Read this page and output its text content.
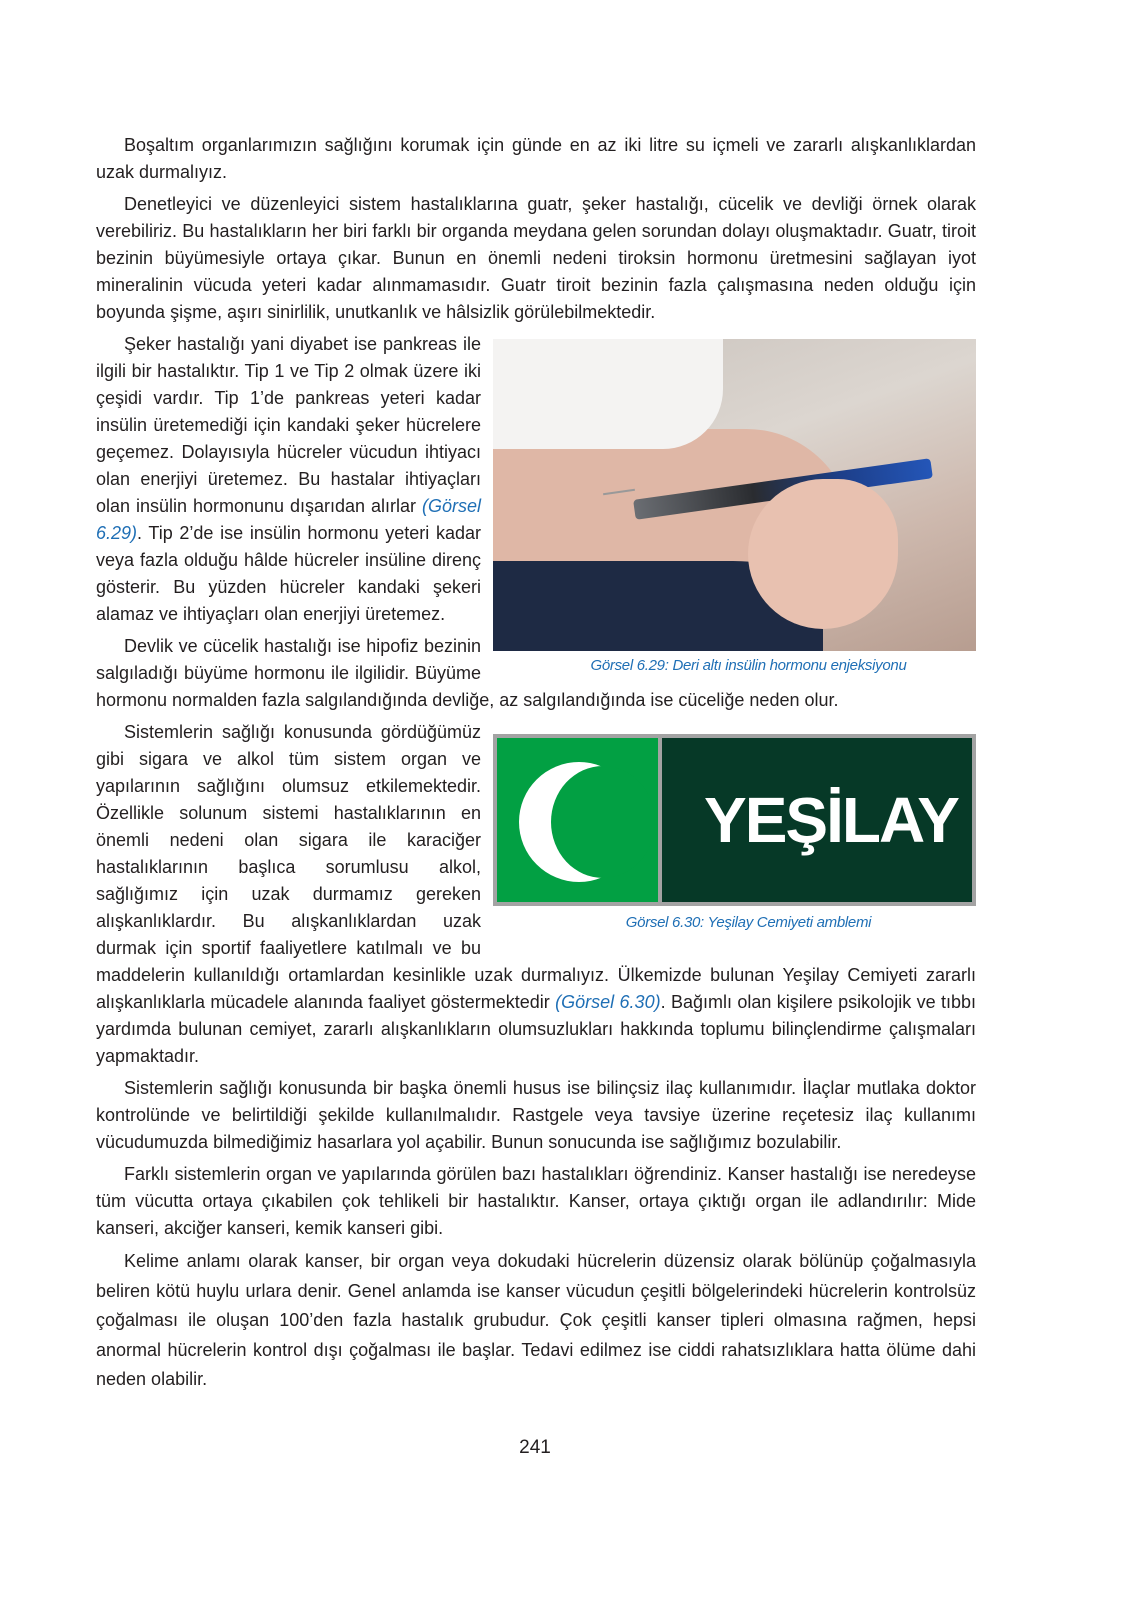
Boşaltım organlarımızın sağlığını korumak için günde en az iki litre su içmeli ve zararlı alışkanlıklardan uzak durmalıyız.

Denetleyici ve düzenleyici sistem hastalıklarına guatr, şeker hastalığı, cücelik ve devliği örnek olarak verebiliriz. Bu hastalıkların her biri farklı bir organda meydana gelen sorundan dolayı oluşmaktadır. Guatr, tiroit bezinin büyümesiyle ortaya çıkar. Bunun en önemli nedeni tiroksin hormonu üretmesini sağlayan iyot mineralinin vücuda yeteri kadar alınmamasıdır. Guatr tiroit bezinin fazla çalışmasına neden olduğu için boyunda şişme, aşırı sinirlilik, unutkanlık ve hâlsizlik görülebilmektedir.

Görsel 6.29: Deri altı insülin hormonu enjeksiyonu
Şeker hastalığı yani diyabet ise pankreas ile ilgili bir hastalıktır. Tip 1 ve Tip 2 olmak üzere iki çeşidi vardır. Tip 1’de pankreas yeteri kadar insülin üretemediği için kandaki şeker hücrelere geçemez. Dolayısıyla hücreler vücudun ihtiyacı olan enerjiyi üretemez. Bu hastalar ihtiyaçları olan insülin hormonunu dışarıdan alırlar (Görsel 6.29). Tip 2’de ise insülin hormonu yeteri kadar veya fazla olduğu hâlde hücreler insüline direnç gösterir. Bu yüzden hücreler kandaki şekeri alamaz ve ihtiyaçları olan enerjiyi üretemez.

Devlik ve cücelik hastalığı ise hipofiz bezinin salgıladığı büyüme hormonu ile ilgilidir. Büyüme hormonu normalden fazla salgılandığında devliğe, az salgılandığında ise cüceliğe neden olur.

YEŞİLAY
Görsel 6.30: Yeşilay Cemiyeti amblemi
Sistemlerin sağlığı konusunda gördüğümüz gibi sigara ve alkol tüm sistem organ ve yapılarının sağlığını olumsuz etkilemektedir. Özellikle solunum sistemi hastalıklarının en önemli nedeni olan sigara ile karaciğer hastalıklarının başlıca sorumlusu alkol, sağlığımız için uzak durmamız gereken alışkanlıklardır. Bu alışkanlıklardan uzak durmak için sportif faaliyetlere katılmalı ve bu maddelerin kullanıldığı ortamlardan kesinlikle uzak durmalıyız. Ülkemizde bulunan Yeşilay Cemiyeti zararlı alışkanlıklarla mücadele alanında faaliyet göstermektedir (Görsel 6.30). Bağımlı olan kişilere psikolojik ve tıbbı yardımda bulunan cemiyet, zararlı alışkanlıkların olumsuzlukları hakkında toplumu bilinçlendirme çalışmaları yapmaktadır.

Sistemlerin sağlığı konusunda bir başka önemli husus ise bilinçsiz ilaç kullanımıdır. İlaçlar mutlaka doktor kontrolünde ve belirtildiği şekilde kullanılmalıdır. Rastgele veya tavsiye üzerine reçetesiz ilaç kullanımı vücudumuzda bilmediğimiz hasarlara yol açabilir. Bunun sonucunda ise sağlığımız bozulabilir.

Farklı sistemlerin organ ve yapılarında görülen bazı hastalıkları öğrendiniz. Kanser hastalığı ise neredeyse tüm vücutta ortaya çıkabilen çok tehlikeli bir hastalıktır. Kanser, ortaya çıktığı organ ile adlandırılır: Mide kanseri, akciğer kanseri, kemik kanseri gibi.

Kelime anlamı olarak kanser, bir organ veya dokudaki hücrelerin düzensiz olarak bölünüp çoğalmasıyla beliren kötü huylu urlara denir. Genel anlamda ise kanser vücudun çeşitli bölgelerindeki hücrelerin kontrolsüz çoğalması ile oluşan 100’den fazla hastalık grubudur. Çok çeşitli kanser tipleri olmasına rağmen, hepsi anormal hücrelerin kontrol dışı çoğalması ile başlar. Tedavi edilmez ise ciddi rahatsızlıklara hatta ölüme dahi neden olabilir.

241
